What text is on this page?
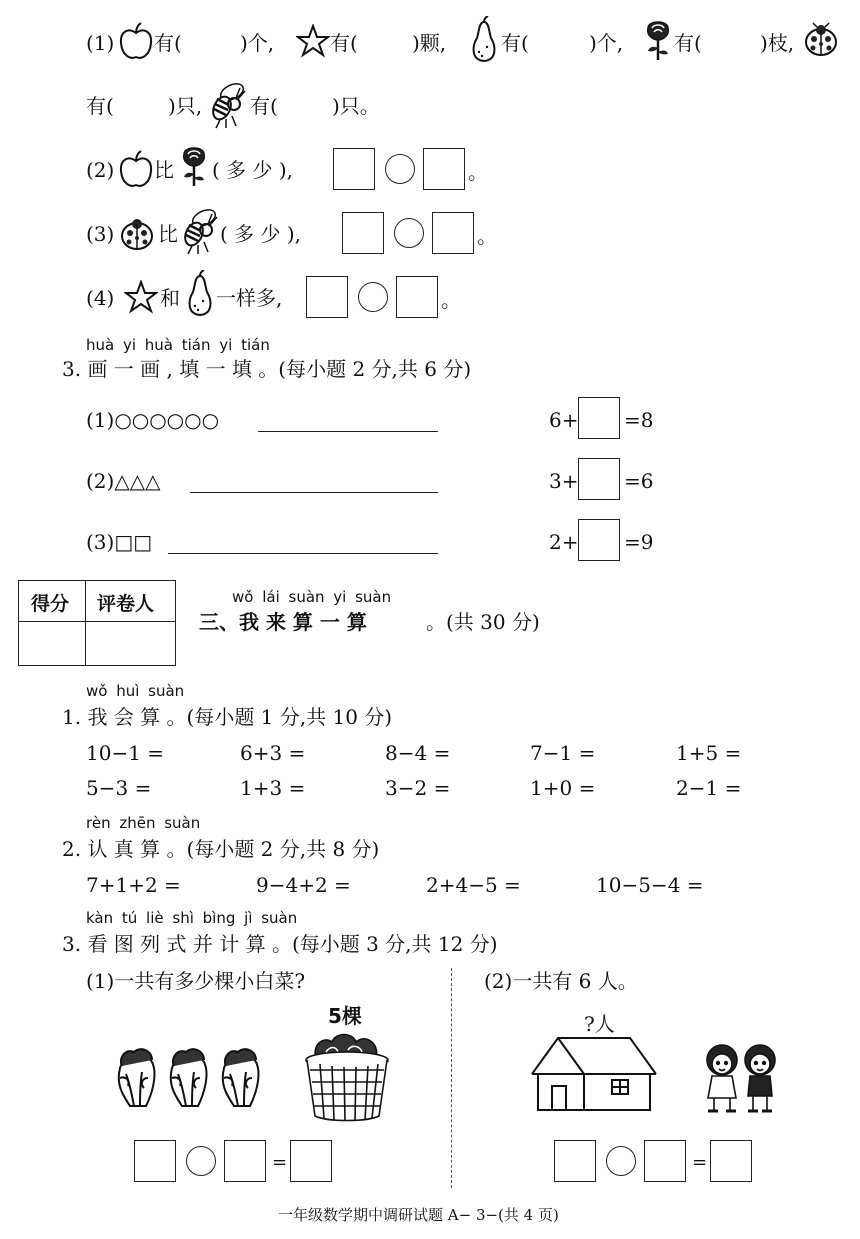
(1) 有(	)个,	有(	)颗,	有(	)个,	有(	)枝,
有(	)只, 有(	)只。
(2) 比 ( 多 少 ),	。
(3) 比 ( 多 少 ),	。
(4) 和 一样多,	。
huà yi huà tián yi tián
3. 画 一 画 , 填 一 填 。(每小题 2 分,共 6 分)
(1)○○○○○○	6+ =8
(2)△△△	3+ =6
(3)□□	2+ =9
得分 评卷人	wǒ lái suàn yi suàn
三、我 来 算 一 算	。(共 30 分)
wǒ huì suàn
1. 我 会 算 。(每小题 1 分,共 10 分)
10−1 =	6+3 =	8−4 =	7−1 =	1+5 =
5−3 =	1+3 =	3−2 =	1+0 =	2−1 =
rèn zhēn suàn
2. 认 真 算 。(每小题 2 分,共 8 分)
7+1+2 =	9−4+2 =	2+4−5 =	10−5−4 =
kàn tú liè shì bìng jì suàn
3. 看 图 列 式 并 计 算 。(每小题 3 分,共 12 分)
(1)一共有多少棵小白菜?	(2)一共有 6 人。
5棵	?人
=	=
一年级数学期中调研试题 A− 3−(共 4 页)
